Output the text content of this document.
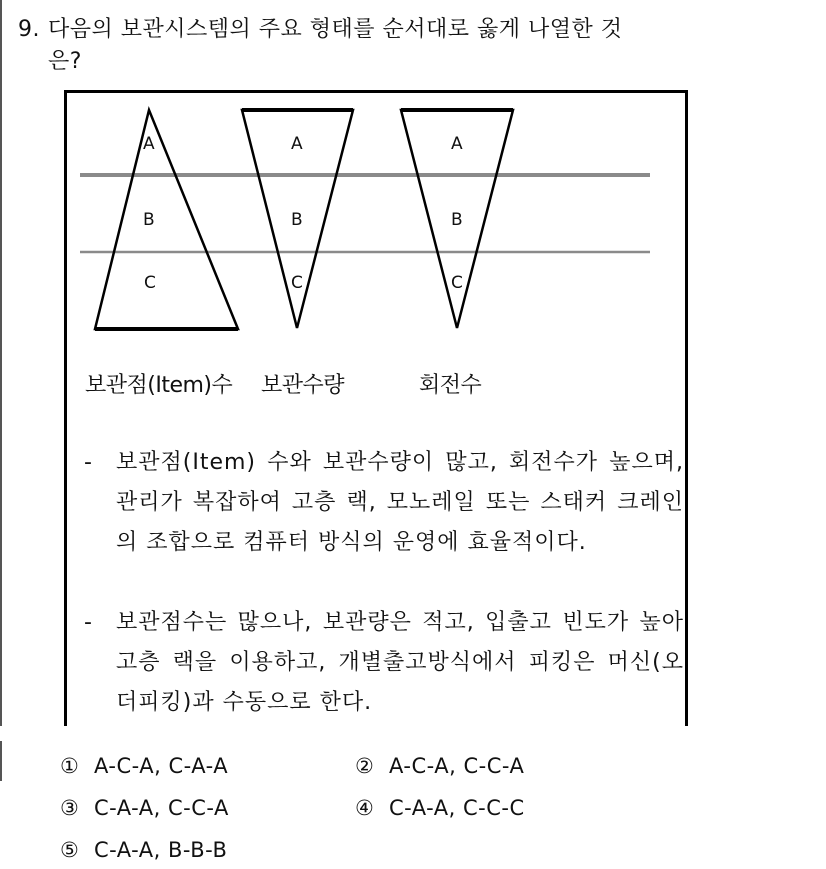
9. 다음의 보관시스템의 주요 형태를 순서대로 옳게 나열한 것
은?
A
B
C
A
B
C
A
B
C
보관점(Item)수 보관수량	회전수
-	보관점(Item) 수와 보관수량이 많고, 회전수가 높으며, 관리가 복잡하여 고층 랙, 모노레일 또는 스태커 크레인의 조합으로 컴퓨터 방식의 운영에 효율적이다.
-	보관점수는 많으나, 보관량은 적고, 입출고 빈도가 높아 고층 랙을 이용하고, 개별출고방식에서 피킹은 머신(오더피킹)과 수동으로 한다.
① A-C-A, C-A-A	② A-C-A, C-C-A
③ C-A-A, C-C-A	④ C-A-A, C-C-C
⑤ C-A-A, B-B-B
